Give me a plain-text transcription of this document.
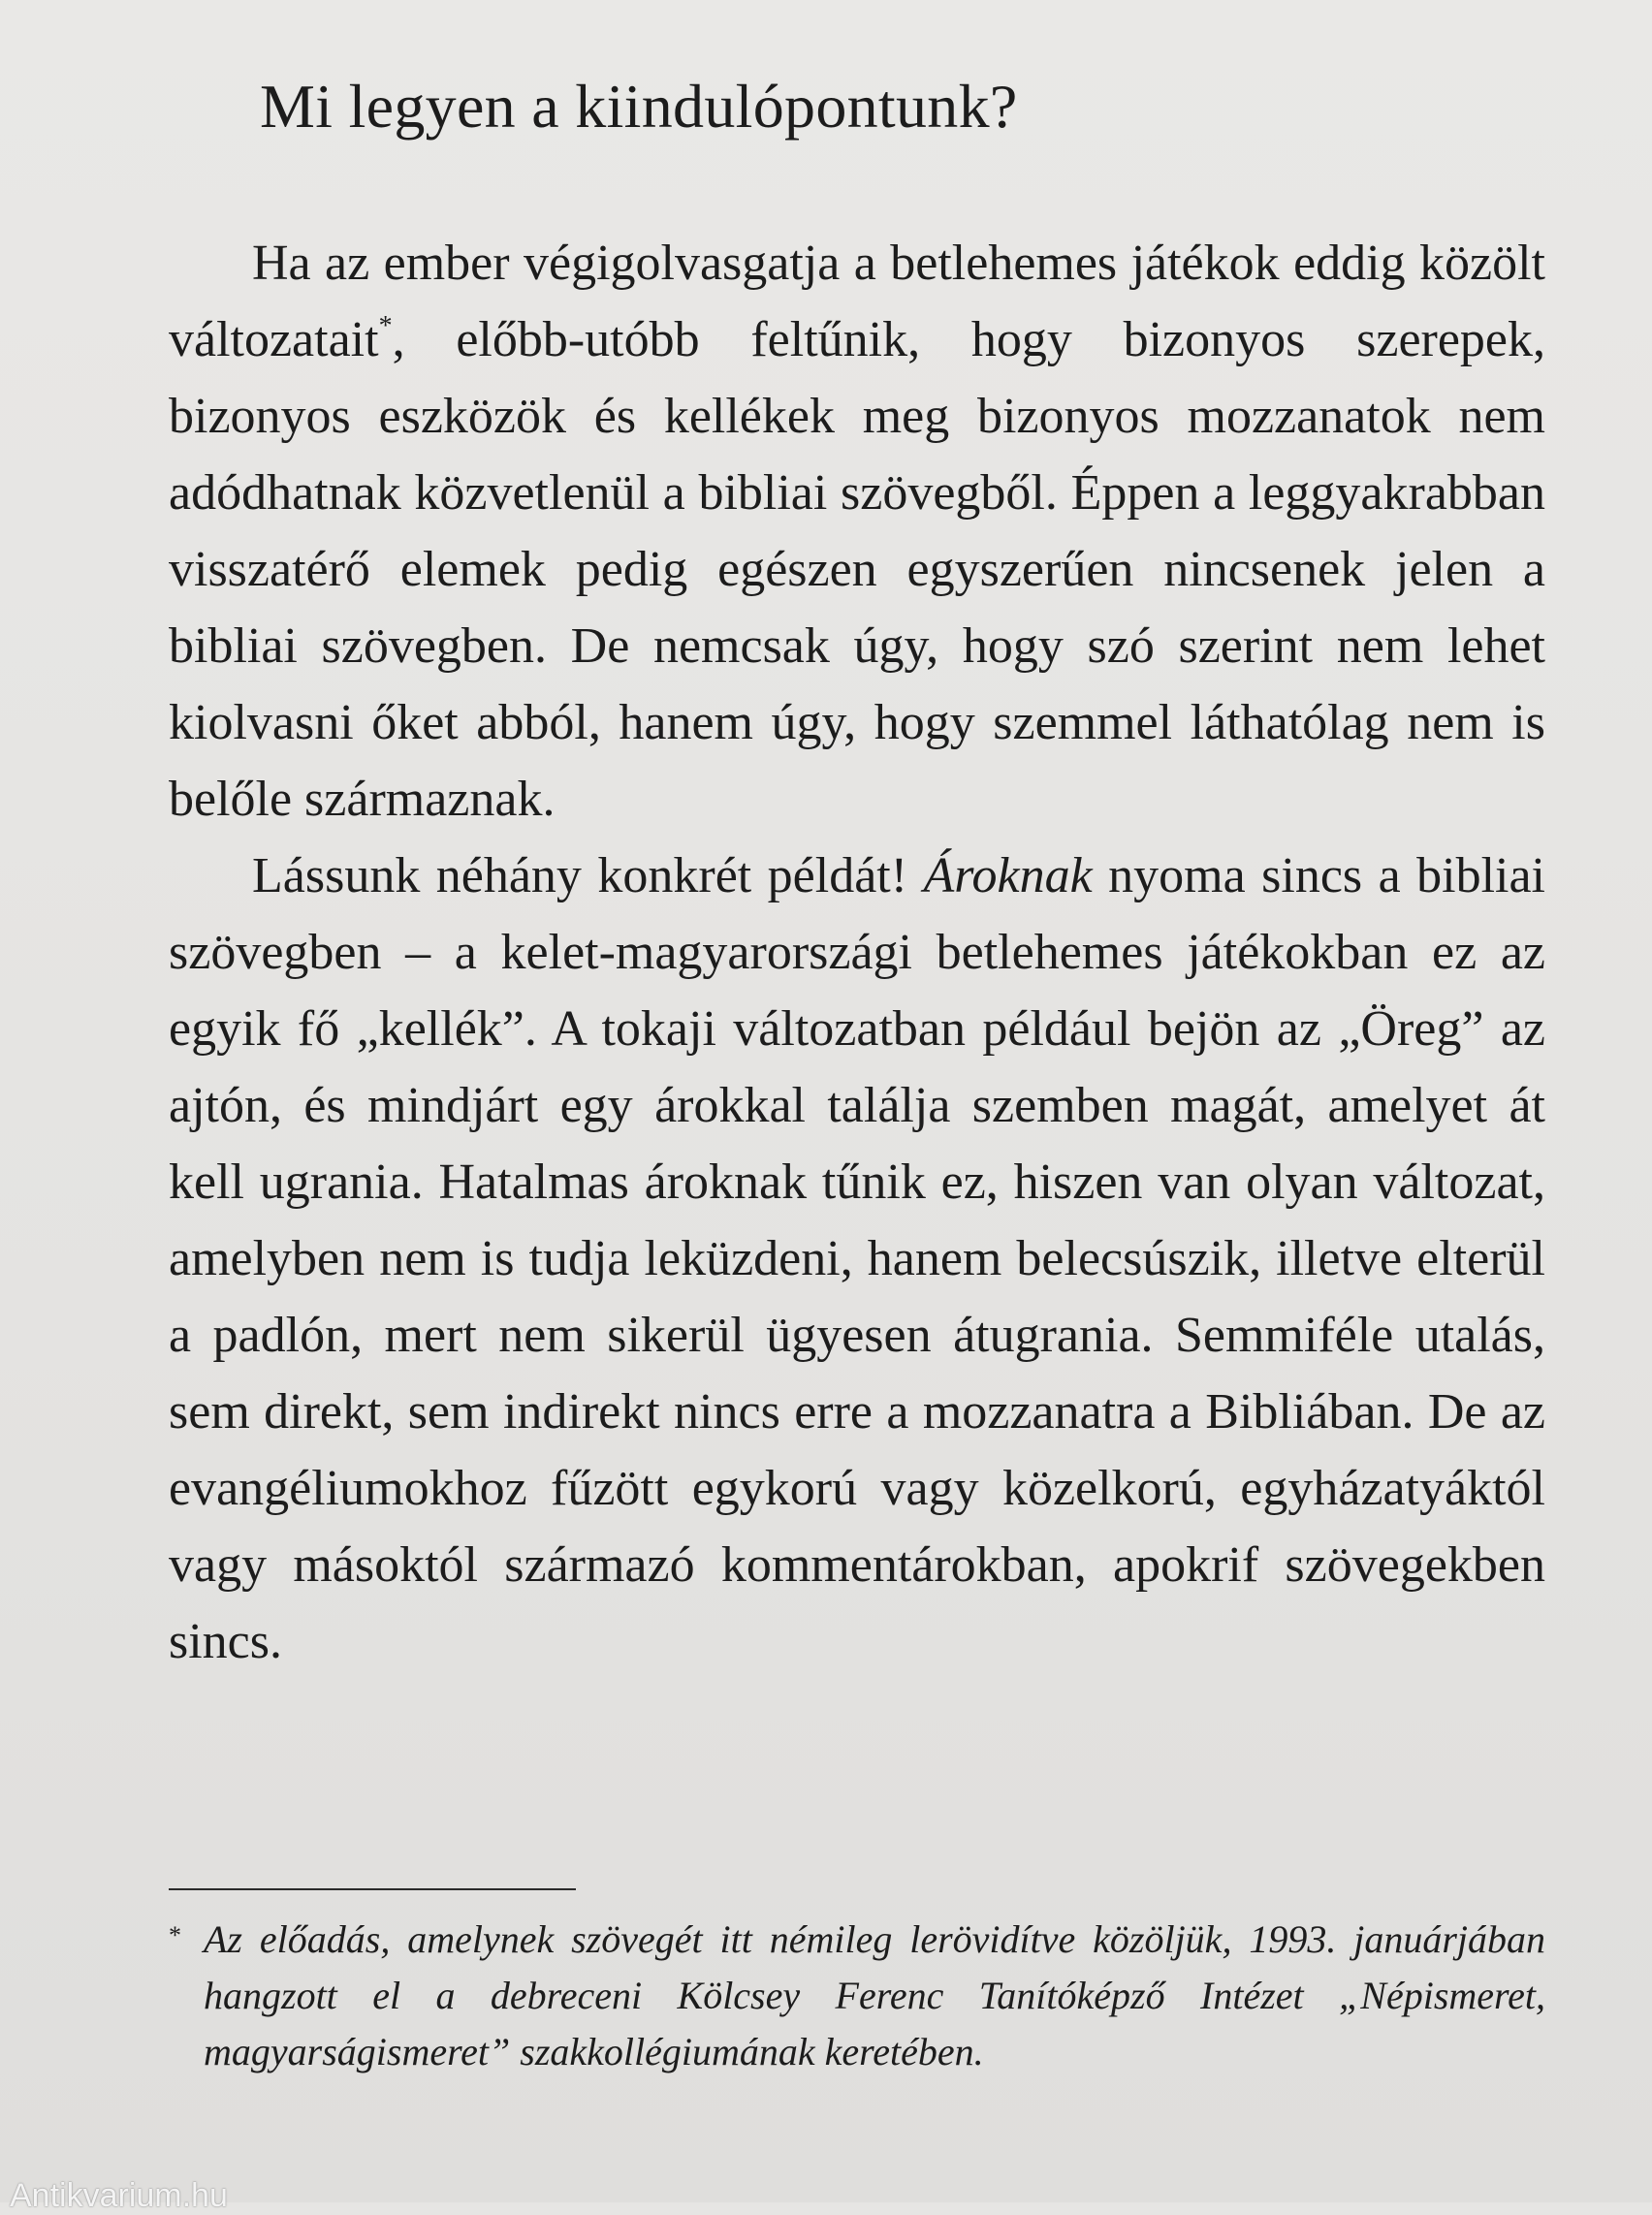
Mi legyen a kiindulópontunk?

Ha az ember végigolvasgatja a betlehemes játékok eddig közölt változatait*, előbb-utóbb feltűnik, hogy bizonyos szerepek, bizonyos eszközök és kellékek meg bizonyos mozzanatok nem adódhatnak közvetlenül a bibliai szövegből. Éppen a leggyakrabban visszatérő elemek pedig egészen egyszerűen nincsenek jelen a bibliai szövegben. De nemcsak úgy, hogy szó szerint nem lehet kiolvasni őket abból, hanem úgy, hogy szemmel láthatólag nem is belőle származnak.

Lássunk néhány konkrét példát! Ároknak nyoma sincs a bibliai szövegben – a kelet-magyarországi betlehemes játékokban ez az egyik fő „kellék”. A tokaji változatban például bejön az „Öreg” az ajtón, és mindjárt egy árokkal találja szemben magát, amelyet át kell ugrania. Hatalmas ároknak tűnik ez, hiszen van olyan változat, amelyben nem is tudja leküzdeni, hanem belecsúszik, illetve elterül a padlón, mert nem sikerül ügyesen átugrania. Semmiféle utalás, sem direkt, sem indirekt nincs erre a mozzanatra a Bibliában. De az evangéliumokhoz fűzött egykorú vagy közelkorú, egyházatyáktól vagy másoktól származó kommentárokban, apokrif szövegekben sincs.

* Az előadás, amelynek szövegét itt némileg lerövidítve közöljük, 1993. januárjában hangzott el a debreceni Kölcsey Ferenc Tanítóképző Intézet „Népismeret, magyarságismeret” szakkollégiumának keretében.
Antikvarium.hu
